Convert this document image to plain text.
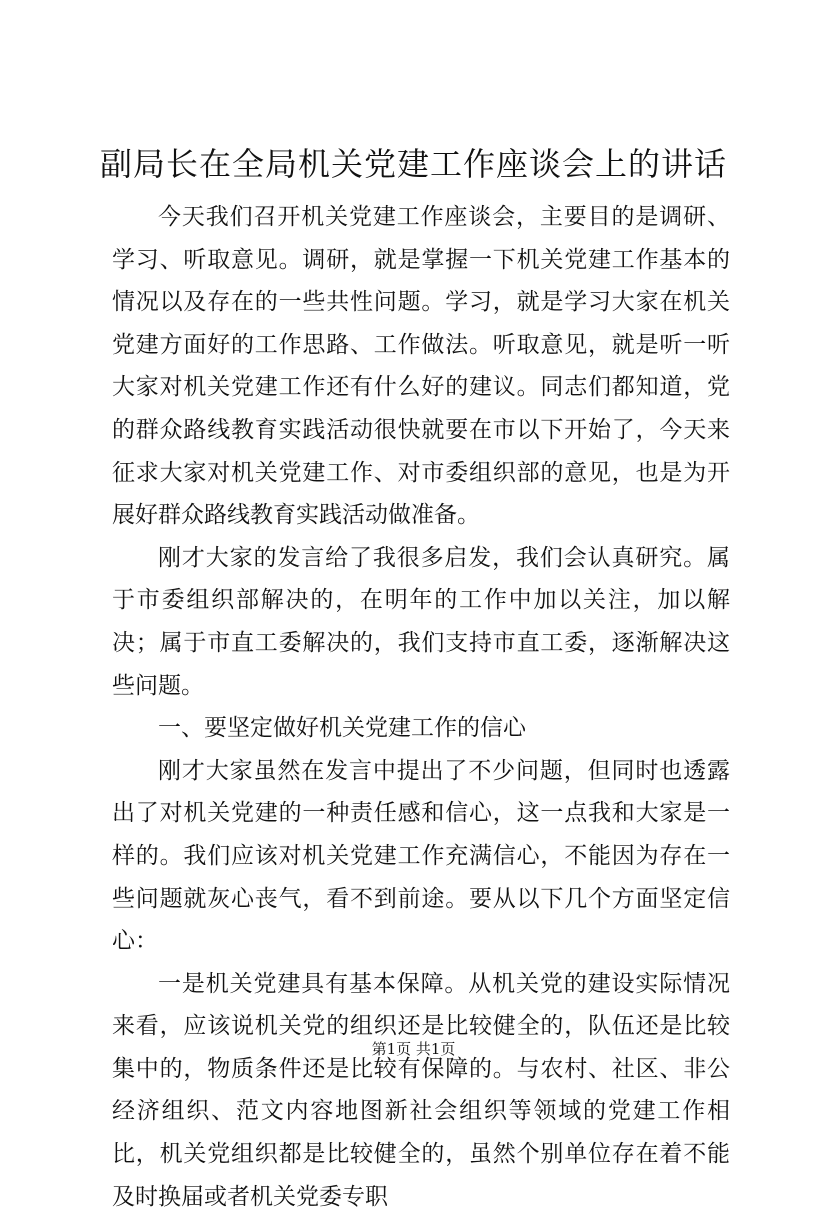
副局长在全局机关党建工作座谈会上的讲话

今天我们召开机关党建工作座谈会，主要目的是调研、学习、听取意见。调研，就是掌握一下机关党建工作基本的情况以及存在的一些共性问题。学习，就是学习大家在机关党建方面好的工作思路、工作做法。听取意见，就是听一听大家对机关党建工作还有什么好的建议。同志们都知道，党的群众路线教育实践活动很快就要在市以下开始了，今天来征求大家对机关党建工作、对市委组织部的意见，也是为开展好群众路线教育实践活动做准备。

刚才大家的发言给了我很多启发，我们会认真研究。属于市委组织部解决的，在明年的工作中加以关注，加以解决；属于市直工委解决的，我们支持市直工委，逐渐解决这些问题。

一、要坚定做好机关党建工作的信心

刚才大家虽然在发言中提出了不少问题，但同时也透露出了对机关党建的一种责任感和信心，这一点我和大家是一样的。我们应该对机关党建工作充满信心，不能因为存在一些问题就灰心丧气，看不到前途。要从以下几个方面坚定信心：

一是机关党建具有基本保障。从机关党的建设实际情况来看，应该说机关党的组织还是比较健全的，队伍还是比较集中的，物质条件还是比较有保障的。与农村、社区、非公经济组织、范文内容地图新社会组织等领域的党建工作相比，机关党组织都是比较健全的，虽然个别单位存在着不能及时换届或者机关党委专职

第1页 共1页
